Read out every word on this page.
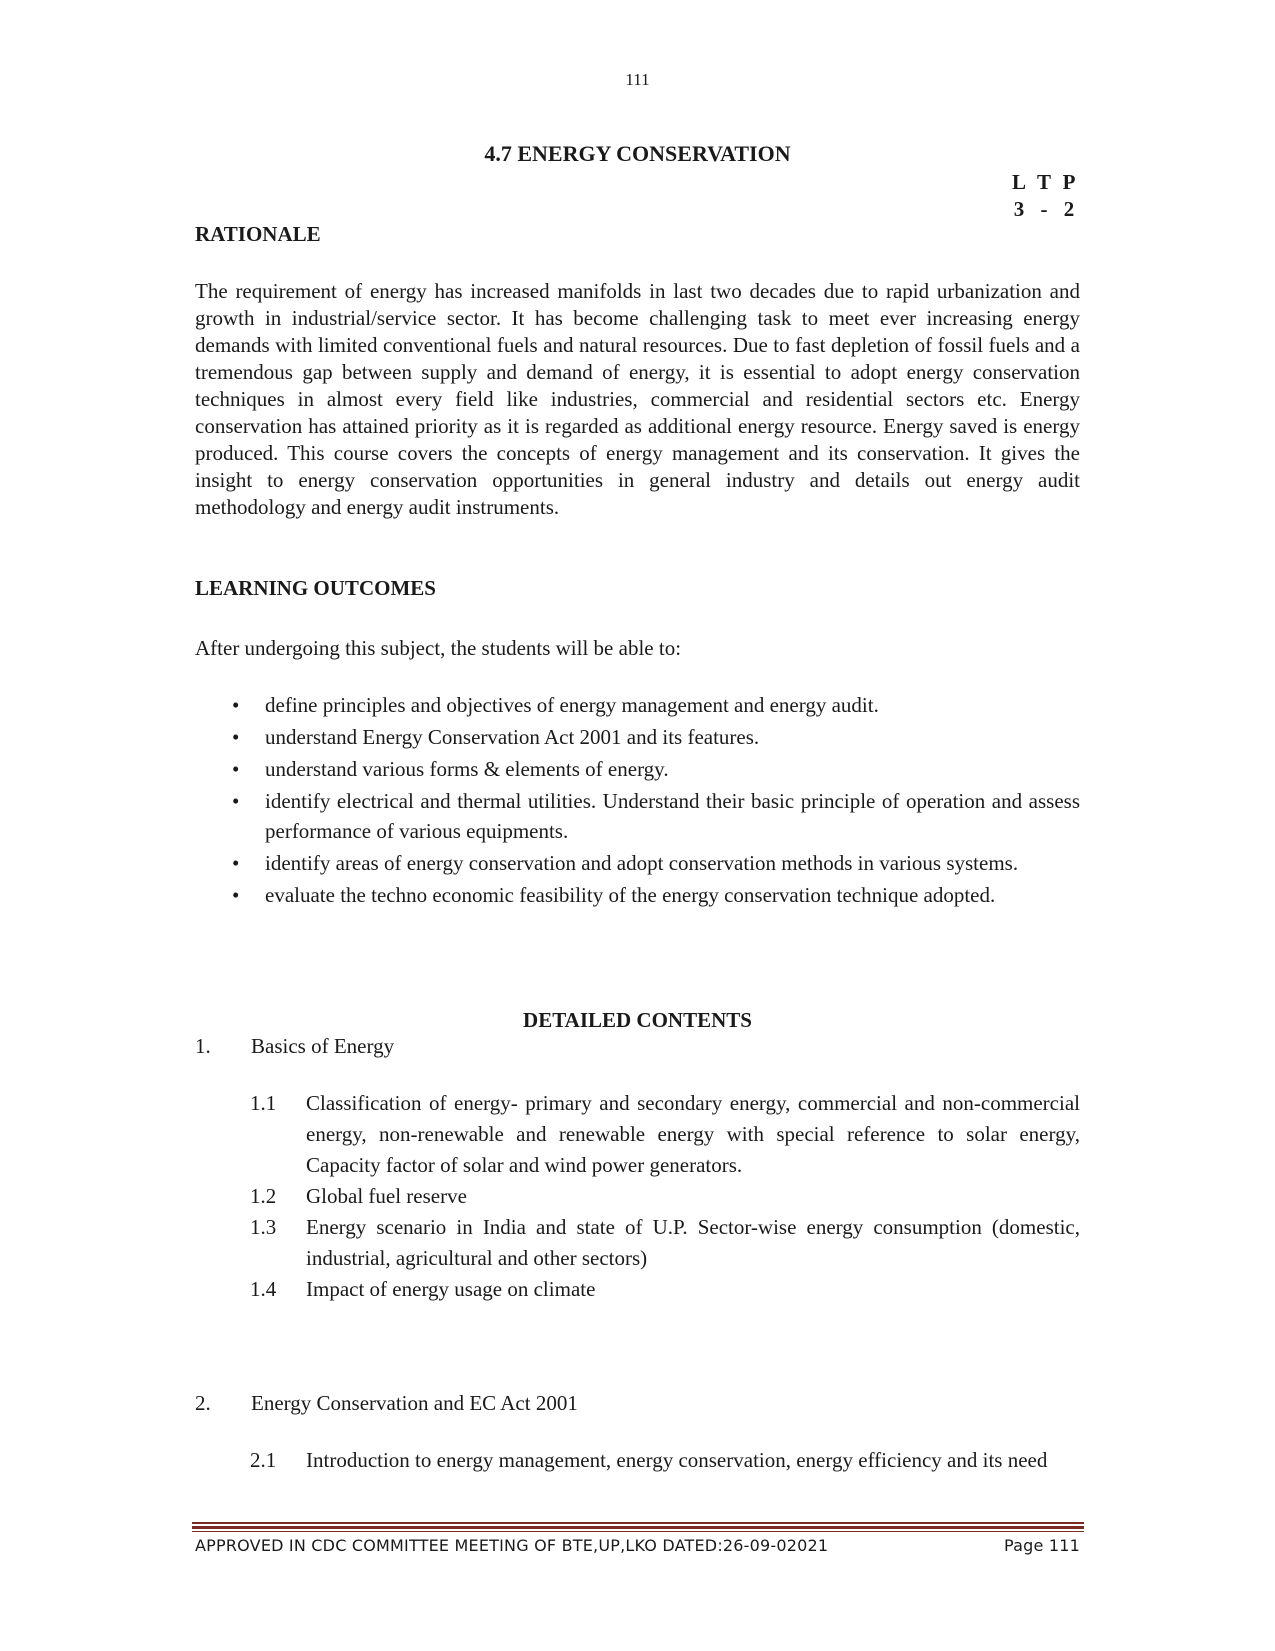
111
4.7 ENERGY CONSERVATION
L T P
3 - 2
RATIONALE
The requirement of energy has increased manifolds in last two decades due to rapid urbanization and growth in industrial/service sector. It has become challenging task to meet ever increasing energy demands with limited conventional fuels and natural resources. Due to fast depletion of fossil fuels and a tremendous gap between supply and demand of energy, it is essential to adopt energy conservation techniques in almost every field like industries, commercial and residential sectors etc. Energy conservation has attained priority as it is regarded as additional energy resource. Energy saved is energy produced. This course covers the concepts of energy management and its conservation. It gives the insight to energy conservation opportunities in general industry and details out energy audit methodology and energy audit instruments.
LEARNING OUTCOMES
After undergoing this subject, the students will be able to:
• define principles and objectives of energy management and energy audit.
• understand Energy Conservation Act 2001 and its features.
• understand various forms & elements of energy.
• identify electrical and thermal utilities. Understand their basic principle of operation and assess performance of various equipments.
• identify areas of energy conservation and adopt conservation methods in various systems.
• evaluate the techno economic feasibility of the energy conservation technique adopted.
DETAILED CONTENTS
1. Basics of Energy
1.1 Classification of energy- primary and secondary energy, commercial and non-commercial energy, non-renewable and renewable energy with special reference to solar energy, Capacity factor of solar and wind power generators.
1.2 Global fuel reserve
1.3 Energy scenario in India and state of U.P. Sector-wise energy consumption (domestic, industrial, agricultural and other sectors)
1.4 Impact of energy usage on climate
2. Energy Conservation and EC Act 2001
2.1 Introduction to energy management, energy conservation, energy efficiency and its need
APPROVED IN CDC COMMITTEE MEETING OF BTE,UP,LKO DATED:26-09-02021	Page 111
